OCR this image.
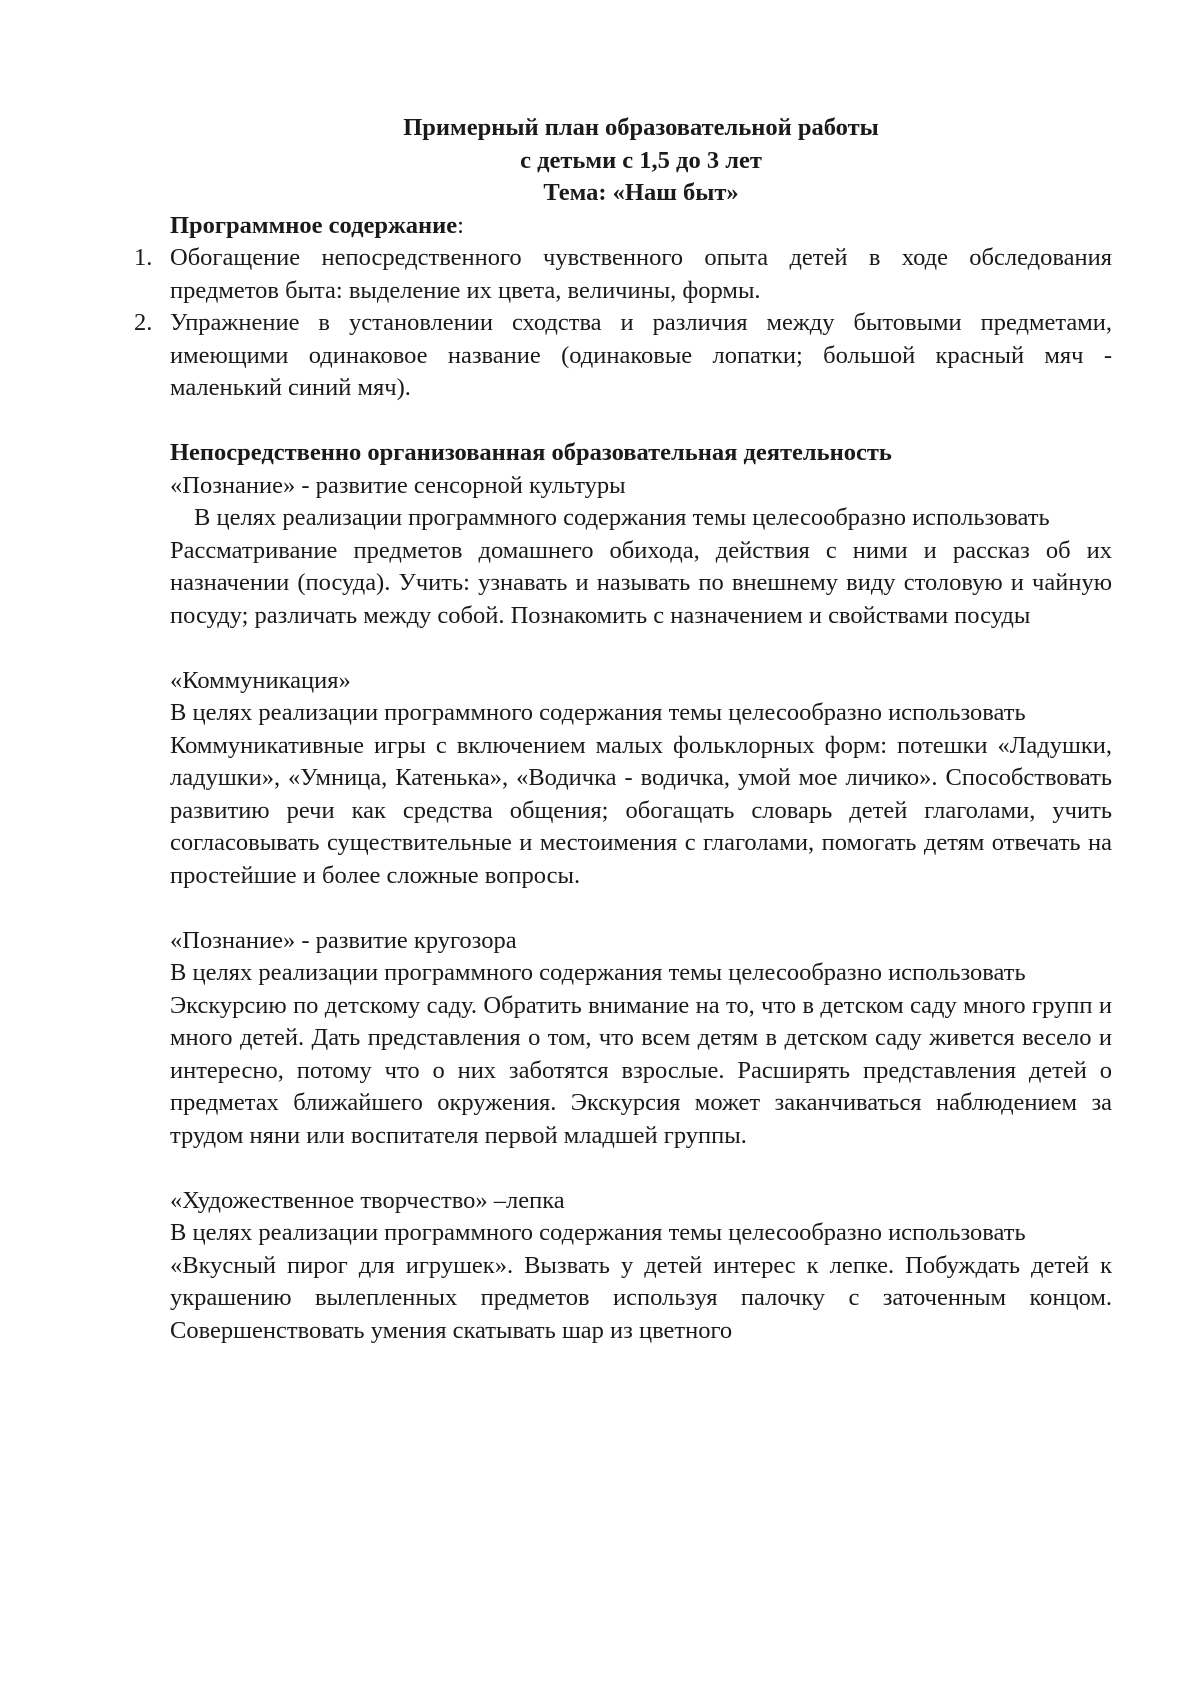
Примерный план образовательной работы
с детьми с 1,5 до 3 лет
Тема: «Наш быт»
Программное содержание:
1. Обогащение непосредственного чувственного опыта детей в ходе обследования предметов быта: выделение их цвета, величины, формы.
2. Упражнение в установлении сходства и различия между бытовыми предметами, имеющими одинаковое название (одинаковые лопатки; большой красный мяч - маленький синий мяч).
Непосредственно организованная образовательная деятельность
«Познание» - развитие сенсорной культуры
В целях реализации программного содержания темы целесообразно использовать
Рассматривание предметов домашнего обихода, действия с ними и рассказ об их назначении (посуда). Учить: узнавать и называть по внешнему виду столовую и чайную посуду; различать между собой. Познакомить с назначением и свойствами посуды
«Коммуникация»
В целях реализации программного содержания темы целесообразно использовать
Коммуникативные игры с включением малых фольклорных форм: потешки «Ладушки, ладушки», «Умница, Катенька», «Водичка - водичка, умой мое личико». Способствовать развитию речи как средства общения; обогащать словарь детей глаголами, учить согласовывать существительные и местоимения с глаголами, помогать детям отвечать на простейшие и более сложные вопросы.
«Познание» - развитие кругозора
В целях реализации программного содержания темы целесообразно использовать
Экскурсию по детскому саду. Обратить внимание на то, что в детском саду много групп и много детей. Дать представления о том, что всем детям в детском саду живется весело и интересно, потому что о них заботятся взрослые. Расширять представления детей о предметах ближайшего окружения. Экскурсия может заканчиваться наблюдением за трудом няни или воспитателя первой младшей группы.
«Художественное творчество» –лепка
В целях реализации программного содержания темы целесообразно использовать
«Вкусный пирог для игрушек». Вызвать у детей интерес к лепке. Побуждать детей к украшению вылепленных предметов используя палочку с заточенным концом. Совершенствовать умения скатывать шар из цветного
